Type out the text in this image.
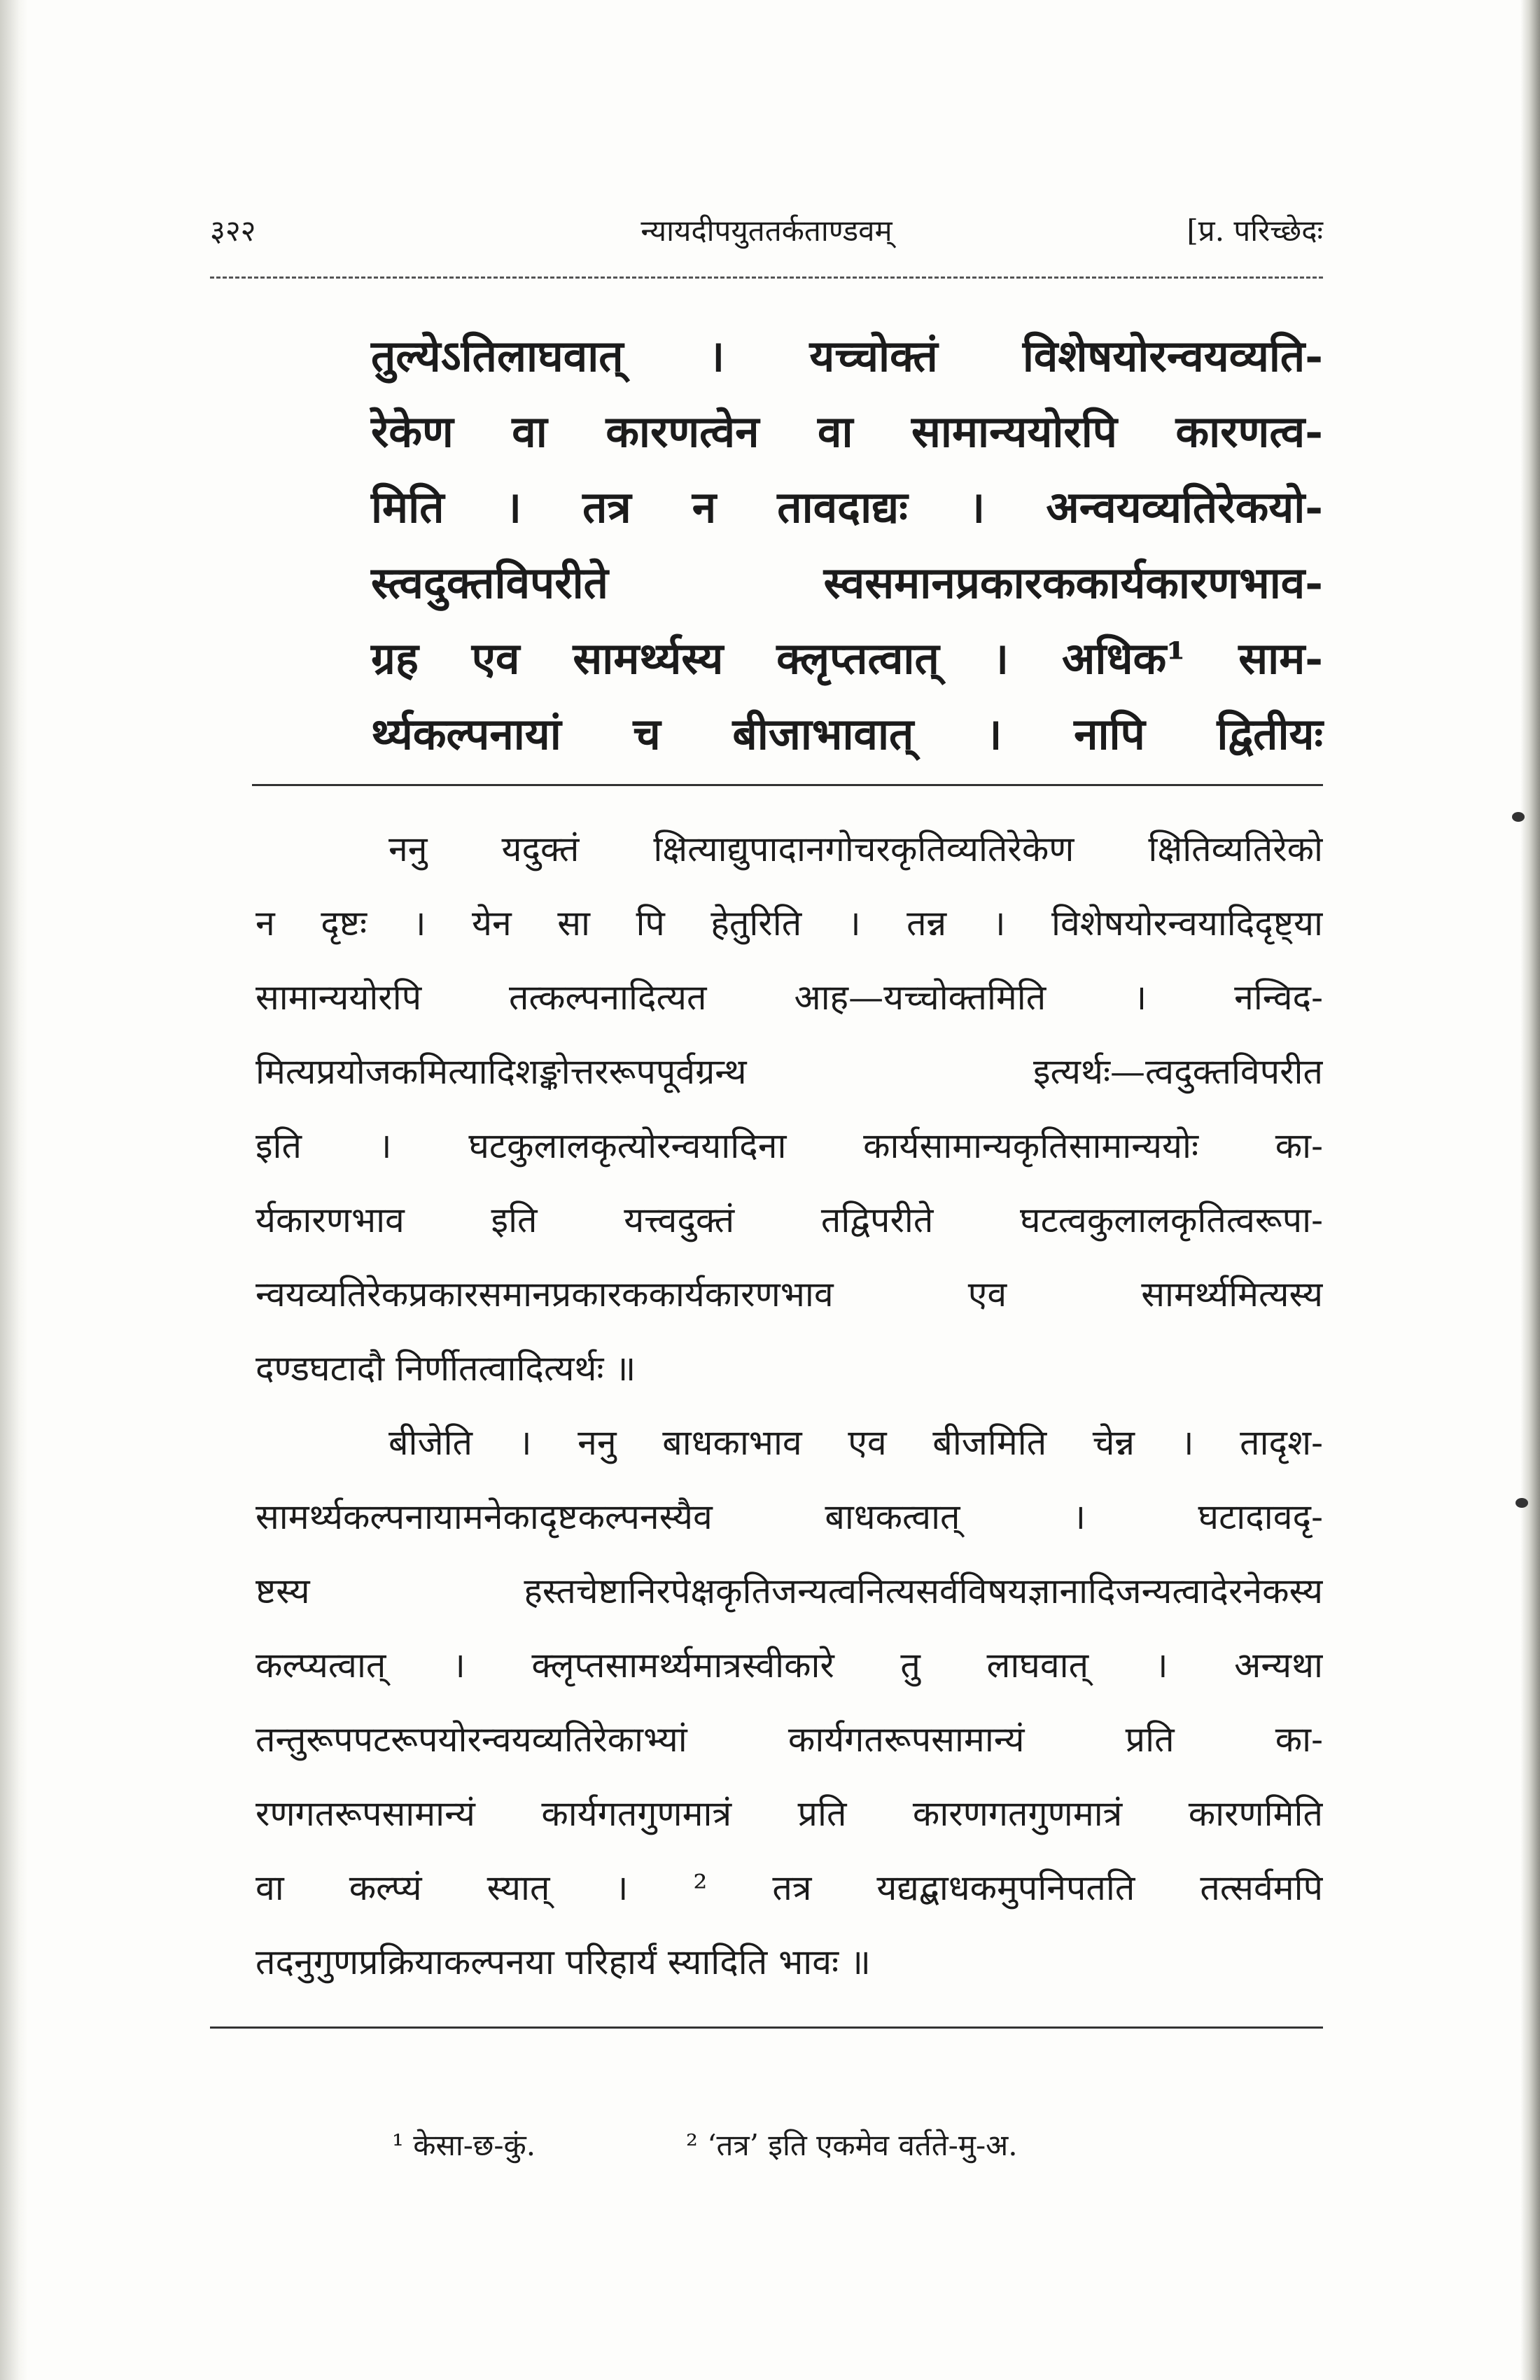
३२२	न्यायदीपयुततर्कताण्डवम्	[प्र. परिच्छेदः
तुल्येऽतिलाघवात् । यच्चोक्तं विशेषयोरन्वयव्यति-
रेकेण वा कारणत्वेन वा सामान्ययोरपि कारणत्व-
मिति । तत्र न तावदाद्यः । अन्वयव्यतिरेकयो-
स्त्वदुक्तविपरीते स्वसमानप्रकारककार्यकारणभाव-
ग्रह एव सामर्थ्यस्य क्लृप्तत्वात् । अधिक¹ साम-
र्थ्यकल्पनायां च बीजाभावात् । नापि द्वितीयः
ननु यदुक्तं क्षित्याद्युपादानगोचरकृतिव्यतिरेकेण क्षितिव्यतिरेको
न दृष्टः । येन सा पि हेतुरिति । तन्न । विशेषयोरन्वयादिदृष्ट्या
सामान्ययोरपि तत्कल्पनादित्यत आह—यच्चोक्तमिति । नन्विद-
मित्यप्रयोजकमित्यादिशङ्कोत्तररूपपूर्वग्रन्थ इत्यर्थः—त्वदुक्तविपरीत
इति । घटकुलालकृत्योरन्वयादिना कार्यसामान्यकृतिसामान्ययोः का-
र्यकारणभाव इति यत्त्वदुक्तं तद्विपरीते घटत्वकुलालकृतित्वरूपा-
न्वयव्यतिरेकप्रकारसमानप्रकारककार्यकारणभाव एव सामर्थ्यमित्यस्य
दण्डघटादौ निर्णीतत्वादित्यर्थः ॥
बीजेति । ननु बाधकाभाव एव बीजमिति चेन्न । तादृश-
सामर्थ्यकल्पनायामनेकादृष्टकल्पनस्यैव बाधकत्वात् । घटादावदृ-
ष्टस्य हस्तचेष्टानिरपेक्षकृतिजन्यत्वनित्यसर्वविषयज्ञानादिजन्यत्वादेरनेकस्य
कल्प्यत्वात् । क्लृप्तसामर्थ्यमात्रस्वीकारे तु लाघवात् । अन्यथा
तन्तुरूपपटरूपयोरन्वयव्यतिरेकाभ्यां कार्यगतरूपसामान्यं प्रति का-
रणगतरूपसामान्यं कार्यगतगुणमात्रं प्रति कारणगतगुणमात्रं कारणमिति
वा कल्प्यं स्यात् । ² तत्र यद्यद्बाधकमुपनिपतति तत्सर्वमपि
तदनुगुणप्रक्रियाकल्पनया परिहार्यं स्यादिति भावः ॥
¹ केसा-छ-कुं.	² ‘तत्र’ इति एकमेव वर्तते-मु-अ.
